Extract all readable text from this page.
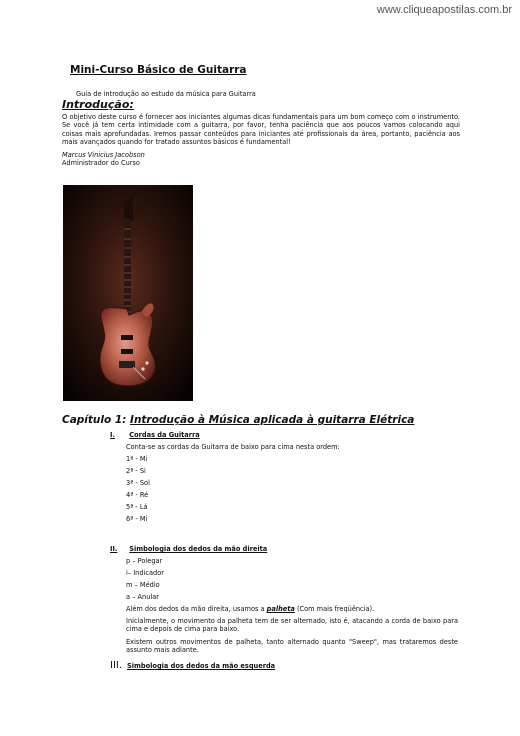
www.cliqueapostilas.com.br
Mini-Curso Básico de Guitarra
Guia de introdução ao estudo da música para Guitarra
Introdução:
O objetivo deste curso é fornecer aos iniciantes algumas dicas fundamentais para um bom começo com o instrumento. Se você já tem certa intimidade com a guitarra, por favor, tenha paciência que aos poucos vamos colocando aqui coisas mais aprofundadas. Iremos passar conteúdos para iniciantes até profissionais da área, portanto, paciência aos mais avançados quando for tratado assuntos básicos é fundamental!
Marcus Vinicius Jacobson
Administrador do Curso
Capítulo 1: Introdução à Música aplicada à guitarra Elétrica
I. Cordas da Guitarra
Conta-se as cordas da Guitarra de baixo para cima nesta ordem:
1ª - Mi
2ª - Si
3ª - Sol
4ª - Ré
5ª - Lá
6ª - Mi
II. Simbologia dos dedos da mão direita
p – Polegar
i– Indicador
m – Médio
a – Anular
Além dos dedos da mão direita, usamos a palheta (Com mais freqüência).
Inicialmente, o movimento da palheta tem de ser alternado, isto é, atacando a corda de baixo para cima e depois de cima para baixo.
Existem outros movimentos de palheta, tanto alternado quanto "Sweep", mas trataremos deste assunto mais adiante.
III. Simbologia dos dedos da mão esquerda
